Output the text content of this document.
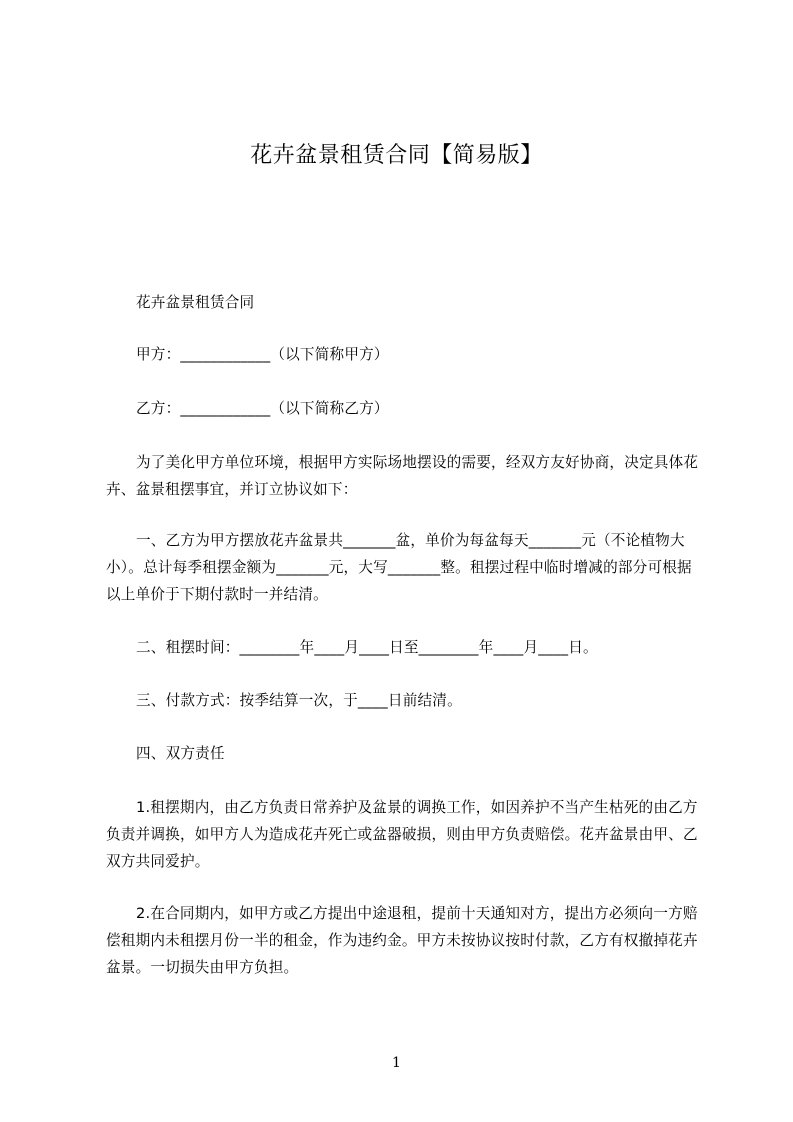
花卉盆景租赁合同【简易版】
花卉盆景租赁合同
甲方：____________（以下简称甲方）
乙方：____________（以下简称乙方）
为了美化甲方单位环境，根据甲方实际场地摆设的需要，经双方友好协商，决定具体花卉、盆景租摆事宜，并订立协议如下：
一、乙方为甲方摆放花卉盆景共_______盆，单价为每盆每天_______元（不论植物大小）。总计每季租摆金额为_______元，大写_______整。租摆过程中临时增减的部分可根据以上单价于下期付款时一并结清。
二、租摆时间：________年____月____日至________年____月____日。
三、付款方式：按季结算一次，于____日前结清。
四、双方责任
1.租摆期内，由乙方负责日常养护及盆景的调换工作，如因养护不当产生枯死的由乙方负责并调换，如甲方人为造成花卉死亡或盆器破损，则由甲方负责赔偿。花卉盆景由甲、乙双方共同爱护。
2.在合同期内，如甲方或乙方提出中途退租，提前十天通知对方，提出方必须向一方赔偿租期内未租摆月份一半的租金，作为违约金。甲方未按协议按时付款，乙方有权撤掉花卉盆景。一切损失由甲方负担。
1
